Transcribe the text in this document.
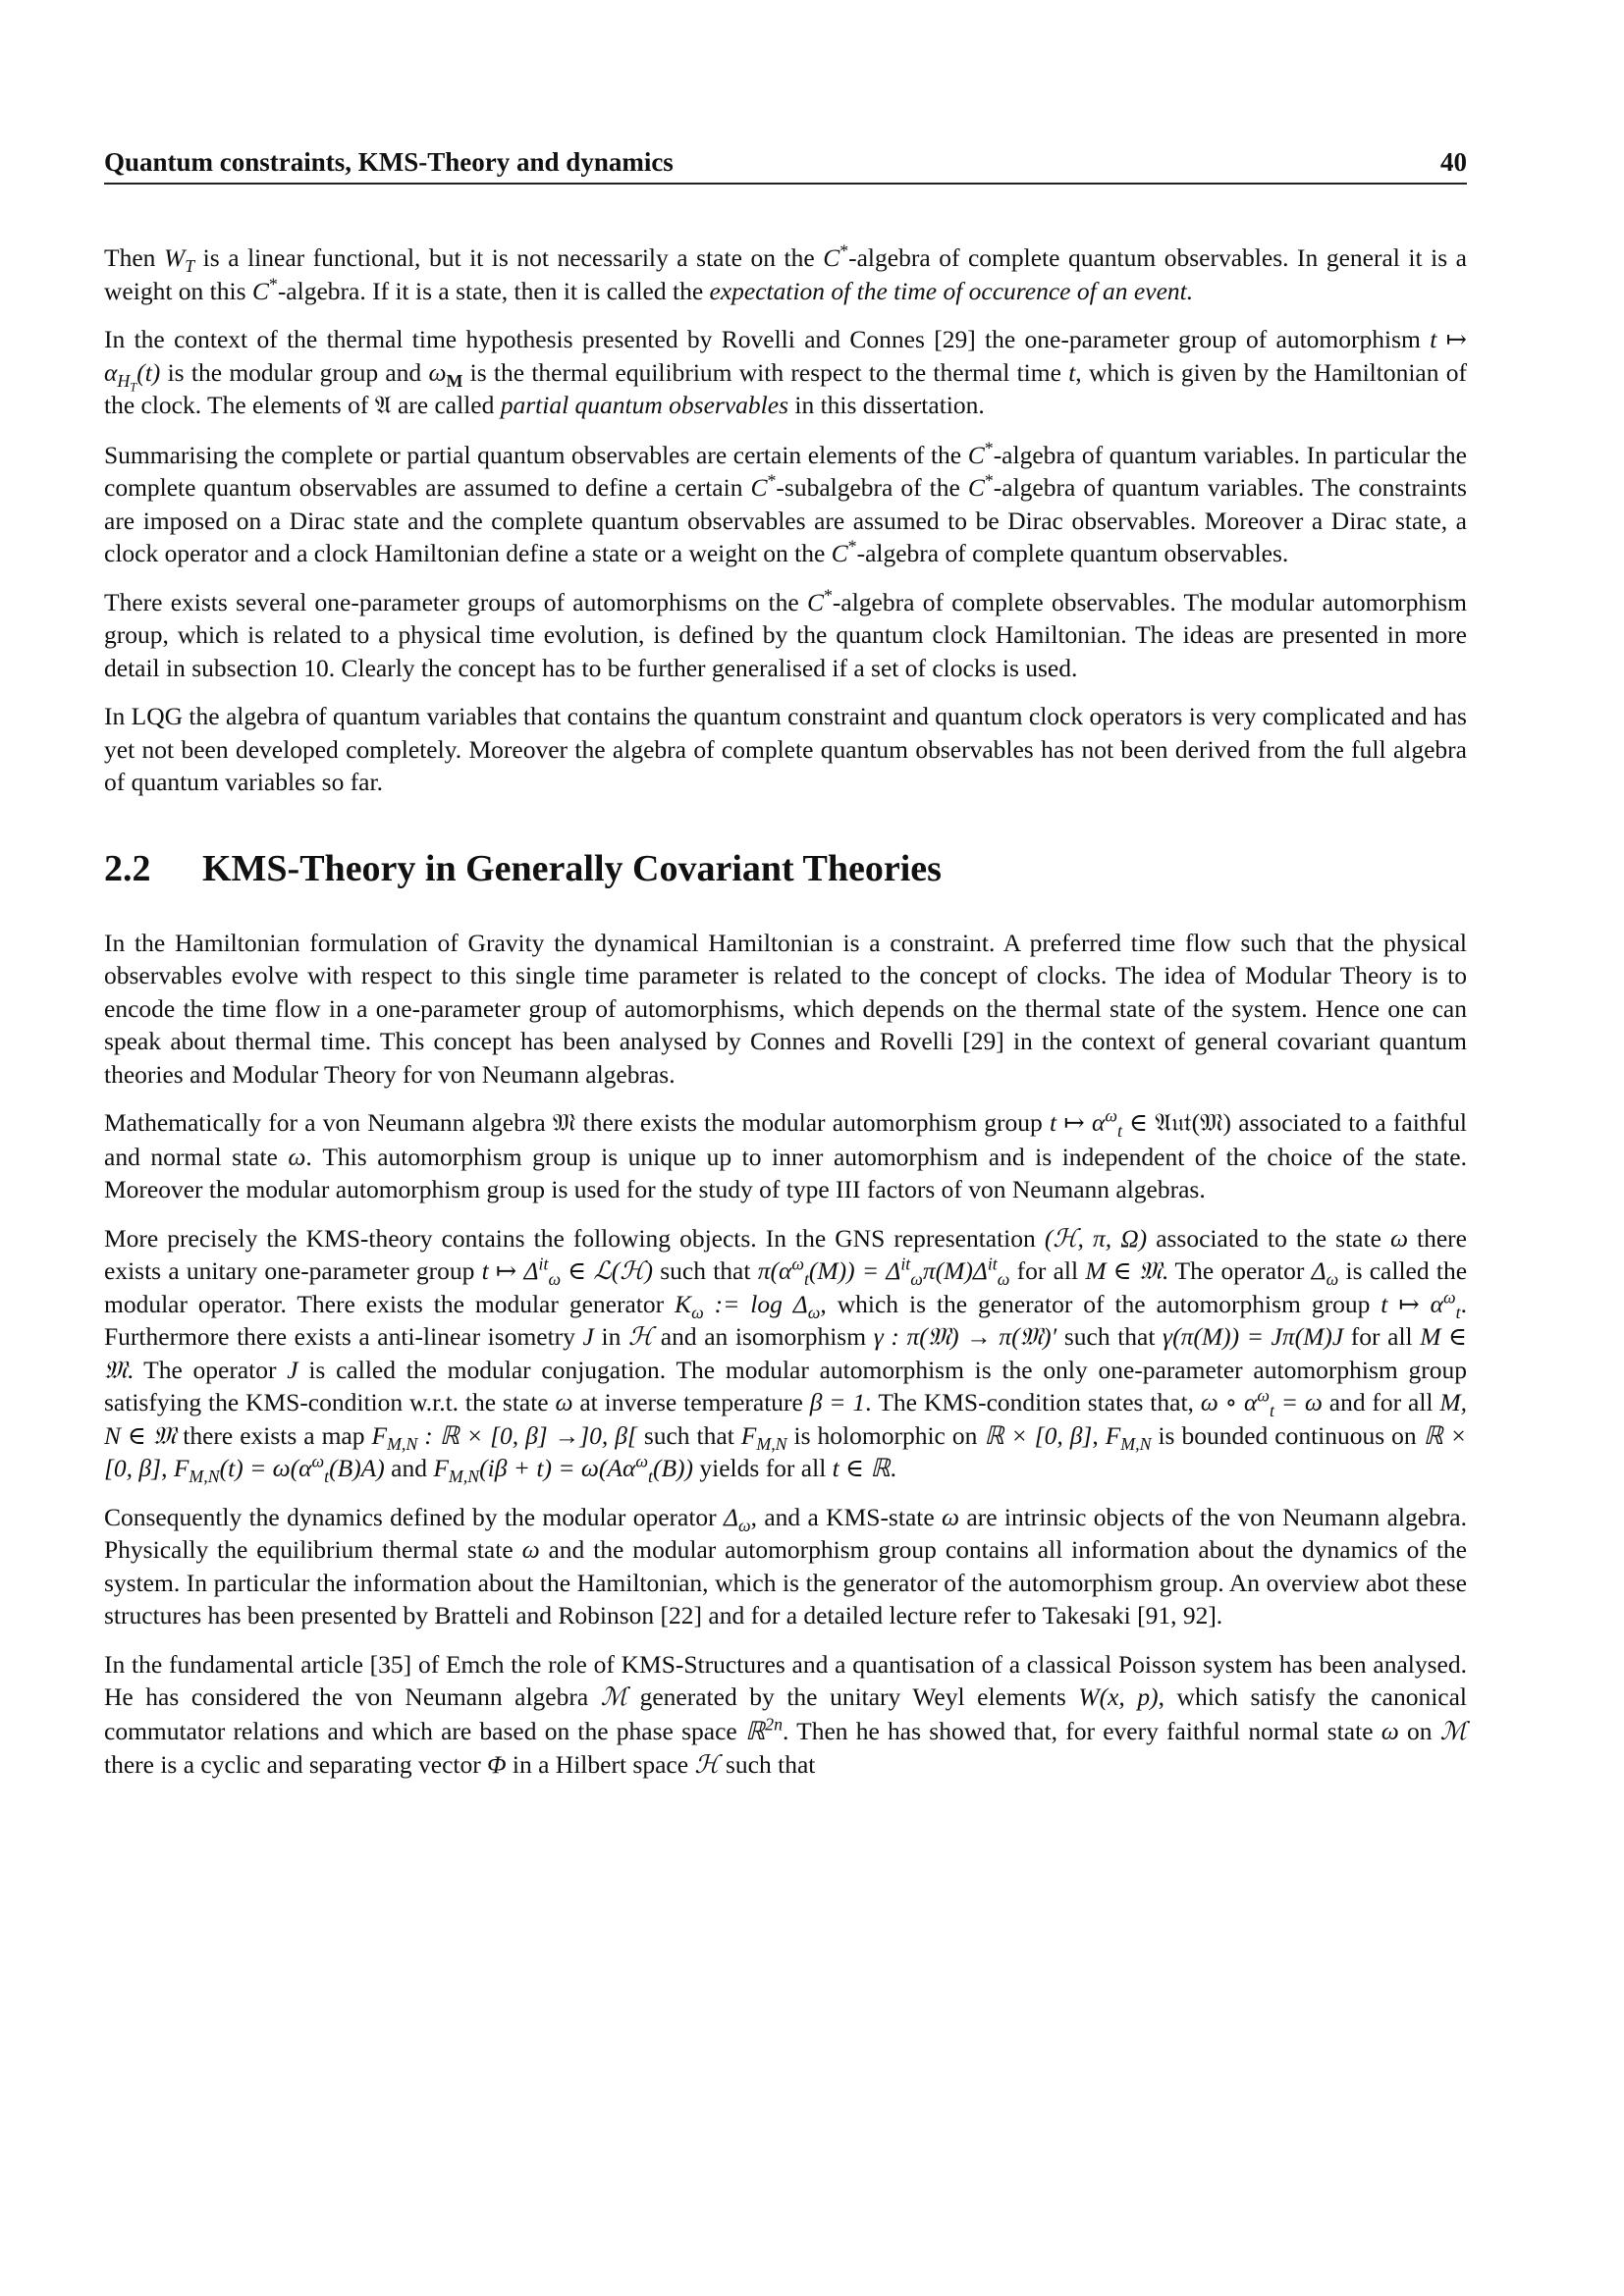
Quantum constraints, KMS-Theory and dynamics	40

Then $W_T$ is a linear functional, but it is not necessarily a state on the C*-algebra of complete quantum observables. In general it is a weight on this C*-algebra. If it is a state, then it is called the expectation of the time of occurence of an event.

In the context of the thermal time hypothesis presented by Rovelli and Connes [29] the one-parameter group of automorphism t ↦ $\alpha_{H_T}(t)$ is the modular group and $\omega_M$ is the thermal equilibrium with respect to the thermal time t, which is given by the Hamiltonian of the clock. The elements of 𝔄 are called partial quantum observables in this dissertation.

Summarising the complete or partial quantum observables are certain elements of the C*-algebra of quantum variables. In particular the complete quantum observables are assumed to define a certain C*-subalgebra of the C*-algebra of quantum variables. The constraints are imposed on a Dirac state and the complete quantum observables are assumed to be Dirac observables. Moreover a Dirac state, a clock operator and a clock Hamiltonian define a state or a weight on the C*-algebra of complete quantum observables.

There exists several one-parameter groups of automorphisms on the C*-algebra of complete observables. The modular automorphism group, which is related to a physical time evolution, is defined by the quantum clock Hamiltonian. The ideas are presented in more detail in subsection 10. Clearly the concept has to be further generalised if a set of clocks is used.

In LQG the algebra of quantum variables that contains the quantum constraint and quantum clock operators is very complicated and has yet not been developed completely. Moreover the algebra of complete quantum observables has not been derived from the full algebra of quantum variables so far.

2.2	KMS-Theory in Generally Covariant Theories

In the Hamiltonian formulation of Gravity the dynamical Hamiltonian is a constraint. A preferred time flow such that the physical observables evolve with respect to this single time parameter is related to the concept of clocks. The idea of Modular Theory is to encode the time flow in a one-parameter group of automorphisms, which depends on the thermal state of the system. Hence one can speak about thermal time. This concept has been analysed by Connes and Rovelli [29] in the context of general covariant quantum theories and Modular Theory for von Neumann algebras.

Mathematically for a von Neumann algebra 𝔐 there exists the modular automorphism group t ↦ $\alpha^\omega_t$ ∈ 𝔄𝔲𝔱(𝔐) associated to a faithful and normal state ω. This automorphism group is unique up to inner automorphism and is independent of the choice of the state. Moreover the modular automorphism group is used for the study of type III factors of von Neumann algebras.

More precisely the KMS-theory contains the following objects. In the GNS representation (ℋ, π, Ω) associated to the state ω there exists a unitary one-parameter group t ↦ $\Delta^{it}_\omega$ ∈ ℒ(ℋ) such that $\pi(\alpha^\omega_t(M)) = \Delta^{it}_\omega\pi(M)\Delta^{it}_\omega$ for all M ∈ 𝔐. The operator $\Delta_\omega$ is called the modular operator. There exists the modular generator $K_\omega$ := $\log \Delta_\omega$, which is the generator of the automorphism group t ↦ $\alpha^\omega_t$. Furthermore there exists a anti-linear isometry J in ℋ and an isomorphism γ : π(𝔐) → π(𝔐)′ such that γ(π(M)) = Jπ(M)J for all M ∈ 𝔐. The operator J is called the modular conjugation. The modular automorphism is the only one-parameter automorphism group satisfying the KMS-condition w.r.t. the state ω at inverse temperature β = 1. The KMS-condition states that, ω ∘ $\alpha^\omega_t = \omega$ and for all M, N ∈ 𝔐 there exists a map $F_{M,N}$ : ℝ × [0, β] →]0, β[ such that $F_{M,N}$ is holomorphic on ℝ × [0, β], $F_{M,N}$ is bounded continuous on ℝ × [0, β], $F_{M,N}(t) = \omega(\alpha^\omega_t(B)A)$ and $F_{M,N}(i\beta + t) = \omega(A\alpha^\omega_t(B))$ yields for all t ∈ ℝ.

Consequently the dynamics defined by the modular operator $\Delta_\omega$, and a KMS-state ω are intrinsic objects of the von Neumann algebra. Physically the equilibrium thermal state ω and the modular automorphism group contains all information about the dynamics of the system. In particular the information about the Hamiltonian, which is the generator of the automorphism group. An overview abot these structures has been presented by Bratteli and Robinson [22] and for a detailed lecture refer to Takesaki [91, 92].

In the fundamental article [35] of Emch the role of KMS-Structures and a quantisation of a classical Poisson system has been analysed. He has considered the von Neumann algebra ℳ generated by the unitary Weyl elements W(x, p), which satisfy the canonical commutator relations and which are based on the phase space ℝ$^{2n}$. Then he has showed that, for every faithful normal state ω on ℳ there is a cyclic and separating vector Φ in a Hilbert space ℋ such that
